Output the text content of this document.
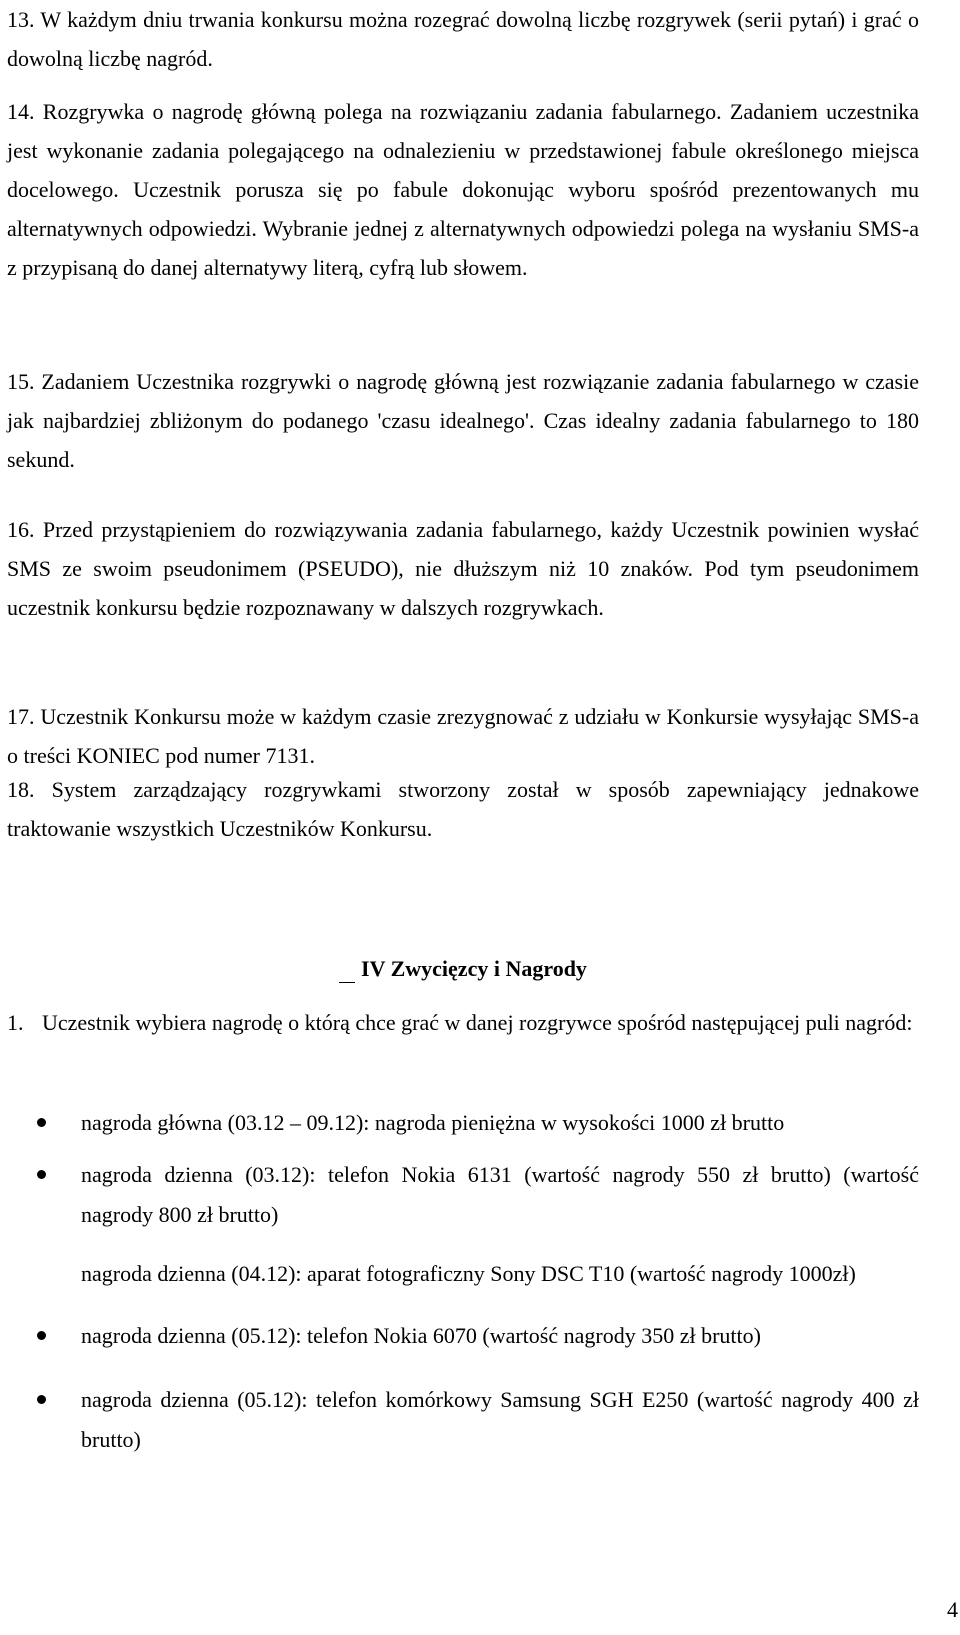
13. W każdym dniu trwania konkursu można rozegrać dowolną liczbę rozgrywek (serii pytań) i grać o dowolną liczbę nagród.

14. Rozgrywka o nagrodę główną polega na rozwiązaniu zadania fabularnego. Zadaniem uczestnika jest wykonanie zadania polegającego na odnalezieniu w przedstawionej fabule określonego miejsca docelowego. Uczestnik porusza się po fabule dokonując wyboru spośród prezentowanych mu alternatywnych odpowiedzi. Wybranie jednej z alternatywnych odpowiedzi polega na wysłaniu SMS-a z przypisaną do danej alternatywy literą, cyfrą lub słowem.

15. Zadaniem Uczestnika rozgrywki o nagrodę główną jest rozwiązanie zadania fabularnego w czasie jak najbardziej zbliżonym do podanego 'czasu idealnego'. Czas idealny zadania fabularnego to 180 sekund.

16. Przed przystąpieniem do rozwiązywania zadania fabularnego, każdy Uczestnik powinien wysłać SMS ze swoim pseudonimem (PSEUDO), nie dłuższym niż 10 znaków. Pod tym pseudonimem uczestnik konkursu będzie rozpoznawany w dalszych rozgrywkach.

17. Uczestnik Konkursu może w każdym czasie zrezygnować z udziału w Konkursie wysyłając SMS-a o treści KONIEC pod numer 7131.

18. System zarządzający rozgrywkami stworzony został w sposób zapewniający jednakowe traktowanie wszystkich Uczestników Konkursu.

IV Zwycięzcy i Nagrody

1. Uczestnik wybiera nagrodę o którą chce grać w danej rozgrywce spośród następującej puli nagród:

nagroda główna (03.12 – 09.12): nagroda pieniężna w wysokości 1000 zł brutto
nagroda dzienna (03.12): telefon Nokia 6131 (wartość nagrody 550 zł brutto) (wartość nagrody 800 zł brutto)
nagroda dzienna (04.12): aparat fotograficzny Sony DSC T10 (wartość nagrody 1000zł)
nagroda dzienna (05.12): telefon Nokia 6070 (wartość nagrody 350 zł brutto)
nagroda dzienna (05.12): telefon komórkowy Samsung SGH E250 (wartość nagrody 400 zł brutto)
4
